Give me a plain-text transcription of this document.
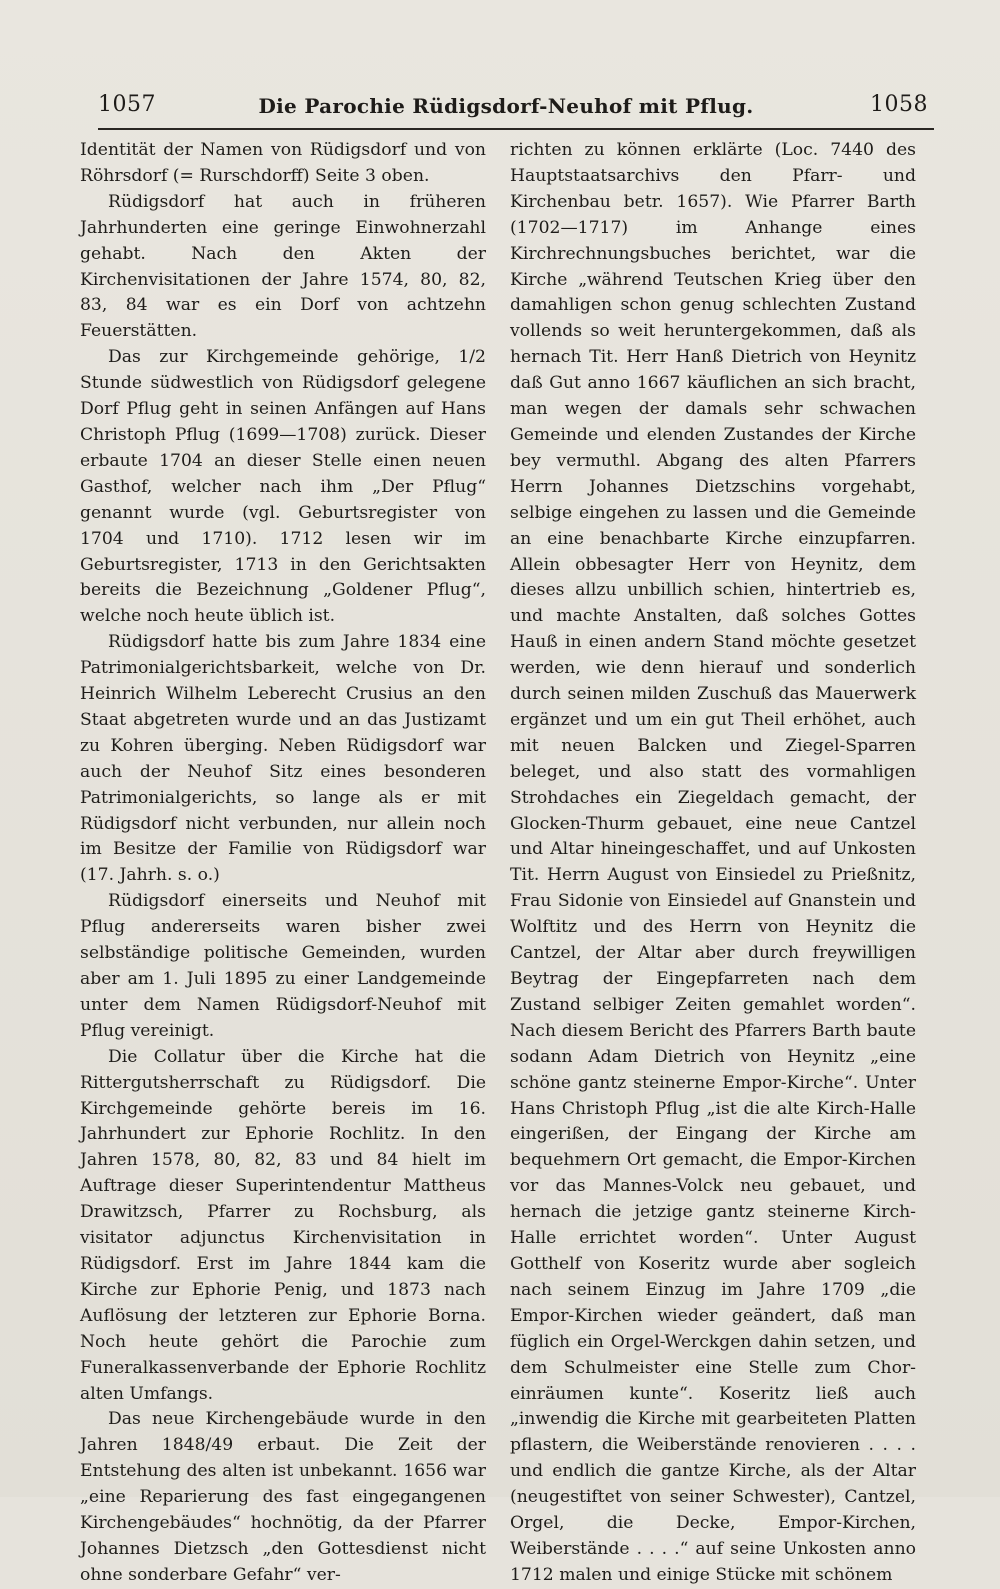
1057	Die Parochie Rüdigsdorf-Neuhof mit Pflug.	1058

Identität der Namen von Rüdigsdorf und von Röhrsdorf (= Rurschdorff) Seite 3 oben.

Rüdigsdorf hat auch in früheren Jahrhunderten eine geringe Einwohnerzahl gehabt. Nach den Akten der Kirchenvisitationen der Jahre 1574, 80, 82, 83, 84 war es ein Dorf von achtzehn Feuerstätten.

Das zur Kirchgemeinde gehörige, 1/2 Stunde südwestlich von Rüdigsdorf gelegene Dorf Pflug geht in seinen Anfängen auf Hans Christoph Pflug (1699—1708) zurück. Dieser erbaute 1704 an dieser Stelle einen neuen Gasthof, welcher nach ihm „Der Pflug“ genannt wurde (vgl. Geburtsregister von 1704 und 1710). 1712 lesen wir im Geburtsregister, 1713 in den Gerichtsakten bereits die Bezeichnung „Goldener Pflug“, welche noch heute üblich ist.

Rüdigsdorf hatte bis zum Jahre 1834 eine Patrimonialgerichtsbarkeit, welche von Dr. Heinrich Wilhelm Leberecht Crusius an den Staat abgetreten wurde und an das Justizamt zu Kohren überging. Neben Rüdigsdorf war auch der Neuhof Sitz eines besonderen Patrimonialgerichts, so lange als er mit Rüdigsdorf nicht verbunden, nur allein noch im Besitze der Familie von Rüdigsdorf war (17. Jahrh. s. o.)

Rüdigsdorf einerseits und Neuhof mit Pflug andererseits waren bisher zwei selbständige politische Gemeinden, wurden aber am 1. Juli 1895 zu einer Landgemeinde unter dem Namen Rüdigsdorf-Neuhof mit Pflug vereinigt.

Die Collatur über die Kirche hat die Rittergutsherrschaft zu Rüdigsdorf. Die Kirchgemeinde gehörte bereis im 16. Jahrhundert zur Ephorie Rochlitz. In den Jahren 1578, 80, 82, 83 und 84 hielt im Auftrage dieser Superintendentur Mattheus Drawitzsch, Pfarrer zu Rochsburg, als visitator adjunctus Kirchenvisitation in Rüdigsdorf. Erst im Jahre 1844 kam die Kirche zur Ephorie Penig, und 1873 nach Auflösung der letzteren zur Ephorie Borna. Noch heute gehört die Parochie zum Funeralkassenverbande der Ephorie Rochlitz alten Umfangs.

Das neue Kirchengebäude wurde in den Jahren 1848/49 erbaut. Die Zeit der Entstehung des alten ist unbekannt. 1656 war „eine Reparierung des fast eingegangenen Kirchengebäudes“ hochnötig, da der Pfarrer Johannes Dietzsch „den Gottesdienst nicht ohne sonderbare Gefahr“ ver-

richten zu können erklärte (Loc. 7440 des Hauptstaatsarchivs den Pfarr- und Kirchenbau betr. 1657). Wie Pfarrer Barth (1702—1717) im Anhange eines Kirchrechnungsbuches berichtet, war die Kirche „während Teutschen Krieg über den damahligen schon genug schlechten Zustand vollends so weit heruntergekommen, daß als hernach Tit. Herr Hanß Dietrich von Heynitz daß Gut anno 1667 käuflichen an sich bracht, man wegen der damals sehr schwachen Gemeinde und elenden Zustandes der Kirche bey vermuthl. Abgang des alten Pfarrers Herrn Johannes Dietzschins vorgehabt, selbige eingehen zu lassen und die Gemeinde an eine benachbarte Kirche einzupfarren. Allein obbesagter Herr von Heynitz, dem dieses allzu unbillich schien, hintertrieb es, und machte Anstalten, daß solches Gottes Hauß in einen andern Stand möchte gesetzet werden, wie denn hierauf und sonderlich durch seinen milden Zuschuß das Mauerwerk ergänzet und um ein gut Theil erhöhet, auch mit neuen Balcken und Ziegel-Sparren beleget, und also statt des vormahligen Strohdaches ein Ziegeldach gemacht, der Glocken-Thurm gebauet, eine neue Cantzel und Altar hineingeschaffet, und auf Unkosten Tit. Herrn August von Einsiedel zu Prießnitz, Frau Sidonie von Einsiedel auf Gnanstein und Wolftitz und des Herrn von Heynitz die Cantzel, der Altar aber durch freywilligen Beytrag der Eingepfarreten nach dem Zustand selbiger Zeiten gemahlet worden“. Nach diesem Bericht des Pfarrers Barth baute sodann Adam Dietrich von Heynitz „eine schöne gantz steinerne Empor-Kirche“. Unter Hans Christoph Pflug „ist die alte Kirch-Halle eingerißen, der Eingang der Kirche am bequehmern Ort gemacht, die Empor-Kirchen vor das Mannes-Volck neu gebauet, und hernach die jetzige gantz steinerne Kirch-Halle errichtet worden“. Unter August Gotthelf von Koseritz wurde aber sogleich nach seinem Einzug im Jahre 1709 „die Empor-Kirchen wieder geändert, daß man füglich ein Orgel-Werckgen dahin setzen, und dem Schulmeister eine Stelle zum Chor-einräumen kunte“. Koseritz ließ auch „inwendig die Kirche mit gearbeiteten Platten pflastern, die Weiberstände renovieren . . . . und endlich die gantze Kirche, als der Altar (neugestiftet von seiner Schwester), Cantzel, Orgel, die Decke, Empor-Kirchen, Weiberstände . . . .“ auf seine Unkosten anno 1712 malen und einige Stücke mit schönem
